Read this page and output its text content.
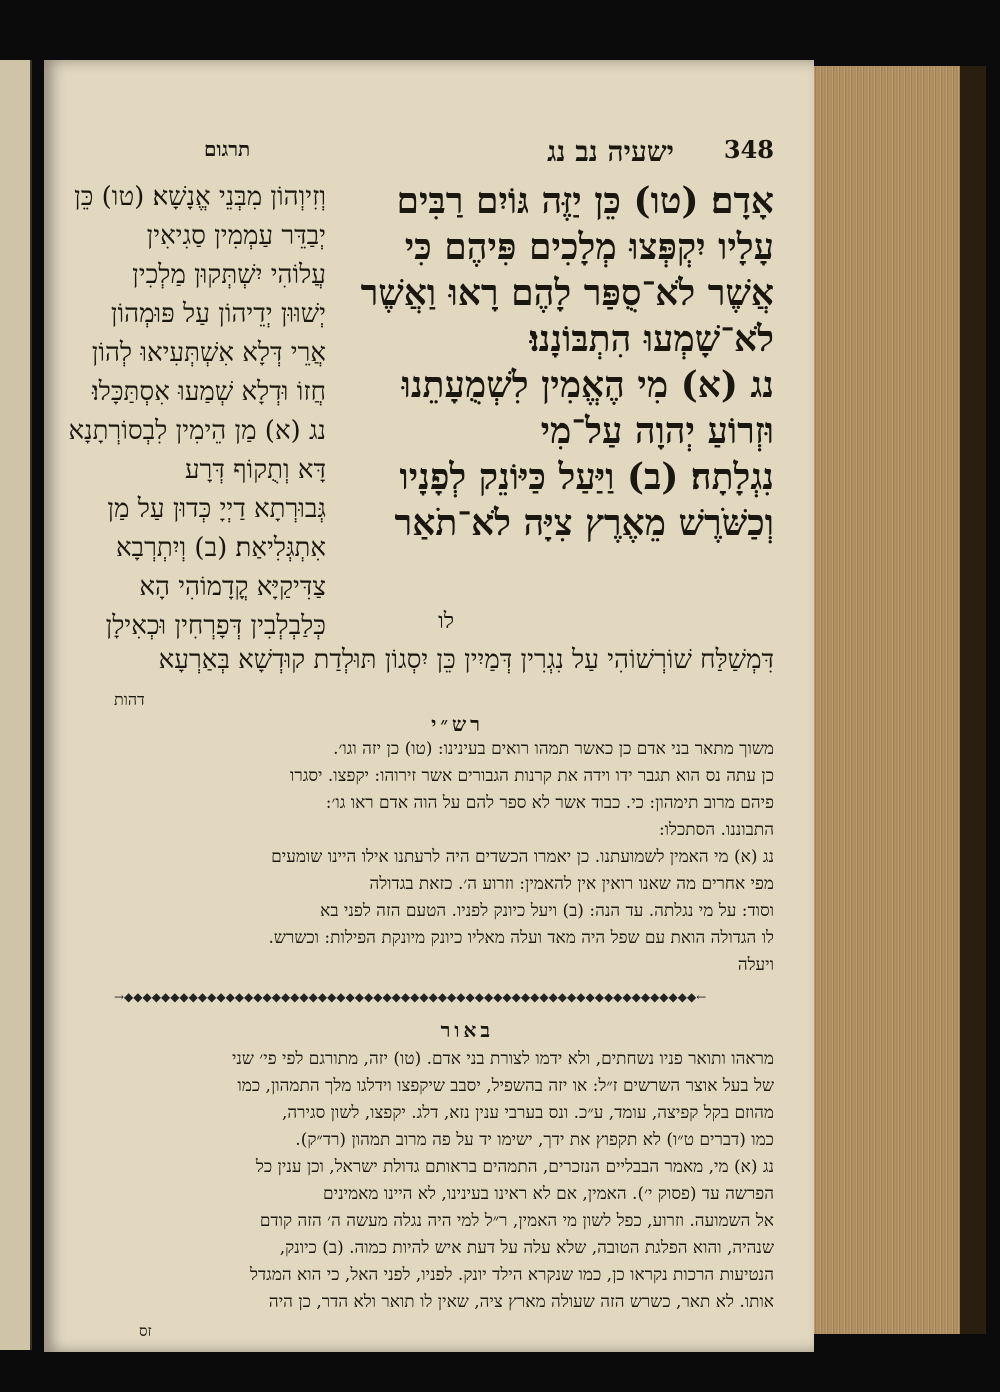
348
ישעיה נב נג
תרגום
אָדָם׃ (טו) כֵּן יַזֶּה גּוֹיִם רַבִּים
עָלָיו יִקְפְּצוּ מְלָכִים פִּיהֶם כִּי
אֲשֶׁר לֹא־סֻפַּר לָהֶם רָאוּ וַאֲשֶׁר
לֹא־שָׁמְעוּ הִתְבּוֹנָנוּ׃
נג (א) מִי הֶאֱמִין לִשְׁמֻעָתֵנוּ
וּזְרוֹעַ יְהוָה עַל־מִי
נִגְלָתָה׃ (ב) וַיַּעַל כַּיּוֹנֵק לְפָנָיו
וְכַשֹּׁרֶשׁ מֵאֶרֶץ צִיָּה לֹא־תֹאַר
לו
וְזִיוְהוֹן מִבְּנֵי אֱנָשָׁא׃ (טו) כֵּן
יְבַדֵּר עַמְמִין סַגִיאִין
עֲלוֹהִי יִשְׁתְּקוּן מַלְכִין
יְשׁוּוּן יְדֵיהוֹן עַל פּוּמְהוֹן
אֲרֵי דְּלָא אִשְׁתְּעִיאוּ לְהוֹן
חֲזוֹ וּדְלָא שְׁמַעוּ אִסְתַּכָּלוּ׃
נג (א) מַן הֵימִין לִבְסוֹרְתָנָא
דָּא וְתֻקוֹף דְּרָע
גְּבוּרְתָא דַיְיָ כְּדוּן עַל מַן
אִתְגְּלִיאַת׃ (ב) וְיִתְרְבָא
צַדִּיקַיָּא קֳדָמוֹהִי הָא
כְּלַבְלְבִין דְּפָרְחִין וּכְאִילָן
דִּמְשַׁלַּח שׁוֹרְשׁוֹהִי עַל נִגְרִין דְּמַיִין כֵּן יִסְגוֹן תּוּלְדַת קוּדְשָׁא בְּאַרְעָא
דהות
רש״י

משוך מתאר בני אדם כן כאשר תמהו רואים בעינינו: (טו) כן יזה וגו׳.

כן עתה נס הוא תגבר ידו וידה את קרנות הגבורים אשר זירוהו: יקפצו. יסגרו

פיהם מרוב תימהון: כי. כבוד אשר לא ספר להם על הוה אדם ראו גו׳:

התבוננו. הסתכלו:

נג (א) מי האמין לשמועתנו. כן יאמרו הכשדים היה לרעתנו אילו היינו שומעים

מפי אחרים מה שאנו רואין אין להאמין: וזרוע ה׳. כזאת בגדולה

וסוד: על מי נגלתה. עד הנה: (ב) ויעל כיונק לפניו. הטעם הזה לפני בא

לו הגדולה הואת עם שפל היה מאד ועלה מאליו כיונק מיונקת הפילות: וכשרש.

ויעלה

→◆◆◆◆◆◆◆◆◆◆◆◆◆◆◆◆◆◆◆◆◆◆◆◆◆◆◆◆◆◆◆◆◆◆◆◆◆◆◆◆◆◆◆◆◆◆◆◆◆◆◆◆◆◆◆◆◆◆◆◆◆◆←
באור

מראהו ותואר פניו נשחתים, ולא ידמו לצורת בני אדם. (טו) יזה, מתורגם לפי פי׳ שני

של בעל אוצר השרשים ז״ל: או יזה בהשפיל, יסבב שיקפצו וידלגו מלך התמהון, כמו

מהוזם בקל קפיצה, עומד, ע״כ. ונס בערבי ענין נזא, דלג. יקפצו, לשון סגירה,

כמו (דברים ט״ו) לא תקפוץ את ידך, ישימו יד על פה מרוב תמהון (רד״ק).

נג (א) מי, מאמר הבבליים הנזכרים, התמהים בראותם גדולת ישראל, וכן ענין כל

הפרשה עד (פסוק י׳). האמין, אם לא ראינו בעינינו, לא היינו מאמינים

אל השמועה. וזרוע, כפל לשון מי האמין, ר״ל למי היה נגלה מעשה ה׳ הזה קודם

שנהיה, והוא הפלגת הטובה, שלא עלה על דעת איש להיות כמוה. (ב) כיונק,

הנטיעות הרכות נקראו כן, כמו שנקרא הילד יונק. לפניו, לפני האל, כי הוא המגדל

אותו. לא תאר, כשרש הזה שעולה מארץ ציה, שאין לו תואר ולא הדר, כן היה

זס
